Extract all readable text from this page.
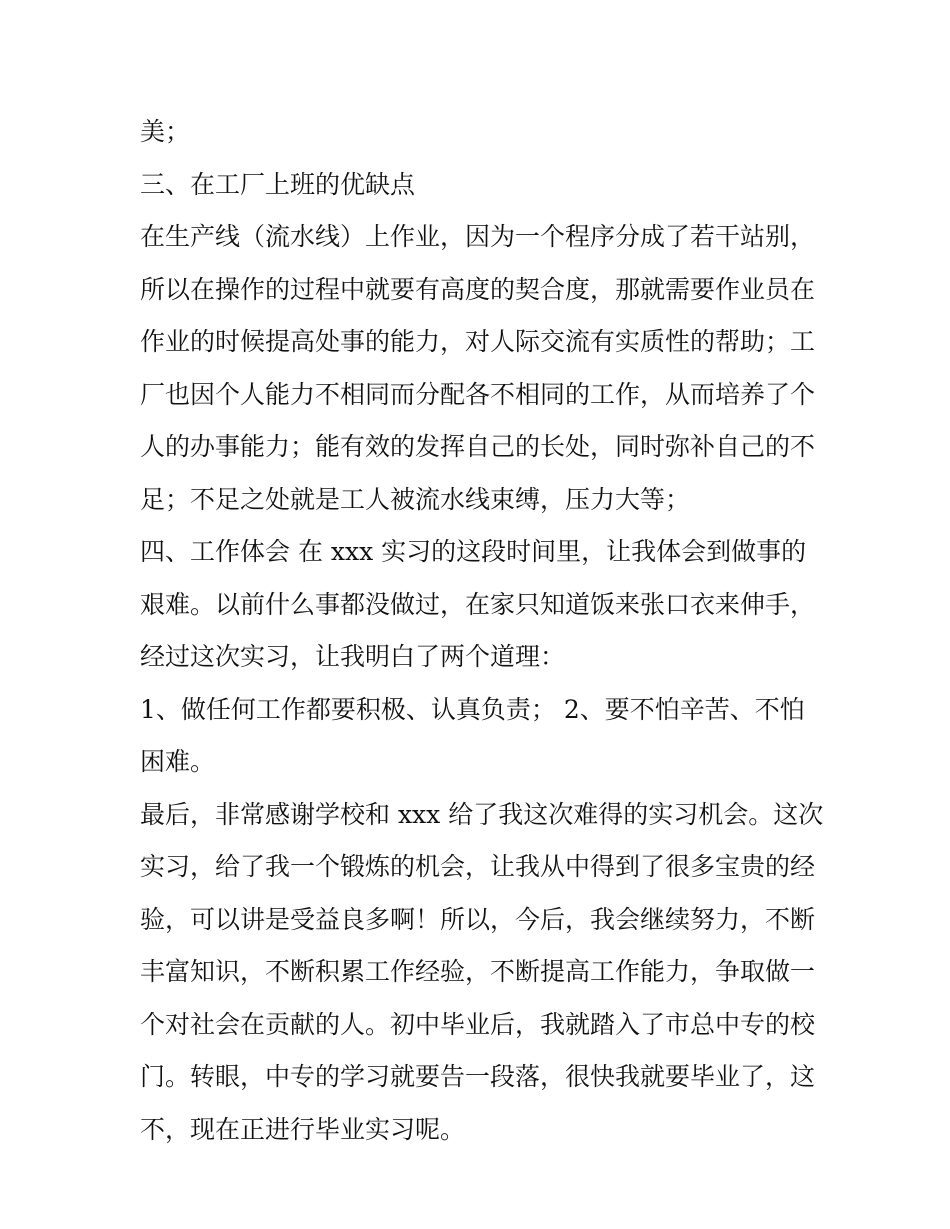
美；
三、在工厂上班的优缺点
在生产线（流水线）上作业，因为一个程序分成了若干站别，
所以在操作的过程中就要有高度的契合度，那就需要作业员在
作业的时候提高处事的能力，对人际交流有实质性的帮助；工
厂也因个人能力不相同而分配各不相同的工作，从而培养了个
人的办事能力；能有效的发挥自己的长处，同时弥补自己的不
足；不足之处就是工人被流水线束缚，压力大等；
四、工作体会 在 xxx 实习的这段时间里，让我体会到做事的
艰难。以前什么事都没做过，在家只知道饭来张口衣来伸手，
经过这次实习，让我明白了两个道理：
1、做任何工作都要积极、认真负责； 2、要不怕辛苦、不怕
困难。
最后，非常感谢学校和 xxx 给了我这次难得的实习机会。这次
实习，给了我一个锻炼的机会，让我从中得到了很多宝贵的经
验，可以讲是受益良多啊！所以，今后，我会继续努力，不断
丰富知识，不断积累工作经验，不断提高工作能力，争取做一
个对社会在贡献的人。初中毕业后，我就踏入了市总中专的校
门。转眼，中专的学习就要告一段落，很快我就要毕业了，这
不，现在正进行毕业实习呢。
